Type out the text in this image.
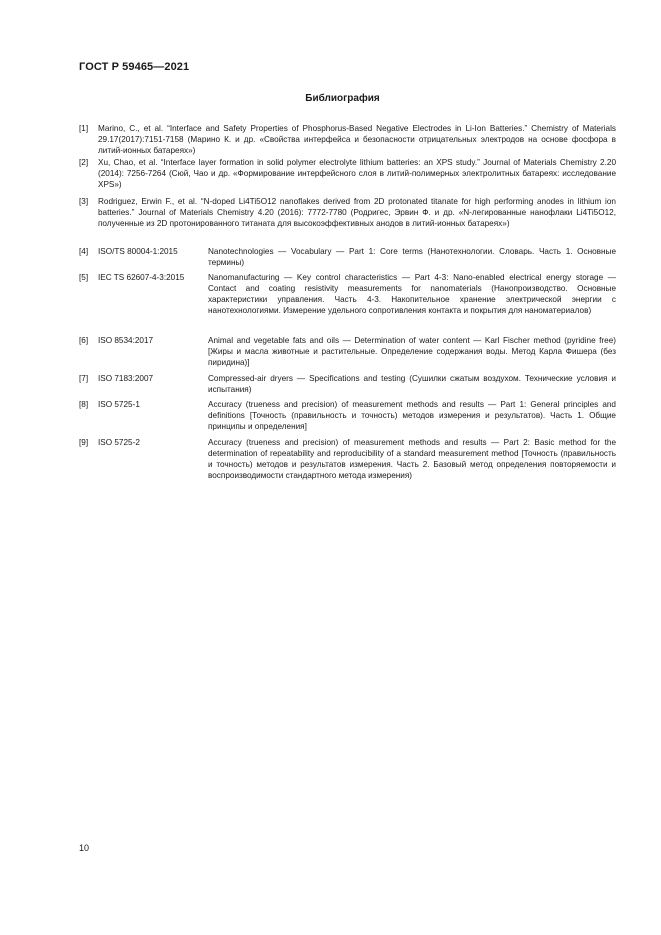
ГОСТ Р 59465—2021
Библиография
[1] Marino, C., et al. “Interface and Safety Properties of Phosphorus-Based Negative Electrodes in Li-Ion Batteries.” Chemistry of Materials 29.17(2017):7151-7158 (Марино К. и др. «Свойства интерфейса и безопасности отрицательных электродов на основе фосфора в литий-ионных батареях»)
[2] Xu, Chao, et al. “Interface layer formation in solid polymer electrolyte lithium batteries: an XPS study.” Journal of Materials Chemistry 2.20 (2014): 7256-7264 (Сюй, Чао и др. «Формирование интерфейсного слоя в литий-полимерных электролитных батареях: исследование XPS»)
[3] Rodriguez, Erwin F., et al. “N-doped Li4Ti5O12 nanoflakes derived from 2D protonated titanate for high performing anodes in lithium ion batteries.” Journal of Materials Chemistry 4.20 (2016): 7772-7780 (Родригес, Эрвин Ф. и др. «N-легированные нанофлаки Li4Ti5O12, полученные из 2D протонированного титаната для высокоэффективных анодов в литий-ионных батареях»)
[4] ISO/TS 80004-1:2015	Nanotechnologies — Vocabulary — Part 1: Core terms (Нанотехнологии. Словарь. Часть 1. Основные термины)
[5] IEC TS 62607-4-3:2015	Nanomanufacturing — Key control characteristics — Part 4-3: Nano-enabled electrical energy storage — Contact and coating resistivity measurements for nanomaterials (Нанопроизводство. Основные характеристики управления. Часть 4-3. Накопительное хранение электрической энергии с нанотехнологиями. Измерение удельного сопротивления контакта и покрытия для наноматериалов)
[6] ISO 8534:2017	Animal and vegetable fats and oils — Determination of water content — Karl Fischer method (pyridine free) [Жиры и масла животные и растительные. Определение содержания воды. Метод Карла Фишера (без пиридина)]
[7] ISO 7183:2007	Compressed-air dryers — Specifications and testing (Сушилки сжатым воздухом. Технические условия и испытания)
[8] ISO 5725-1	Accuracy (trueness and precision) of measurement methods and results — Part 1: General principles and definitions [Точность (правильность и точность) методов измерения и результатов). Часть 1. Общие принципы и определения]
[9] ISO 5725-2	Accuracy (trueness and precision) of measurement methods and results — Part 2: Basic method for the determination of repeatability and reproducibility of a standard measurement method [Точность (правильность и точность) методов и результатов измерения. Часть 2. Базовый метод определения повторяемости и воспроизводимости стандартного метода измерения)
10
